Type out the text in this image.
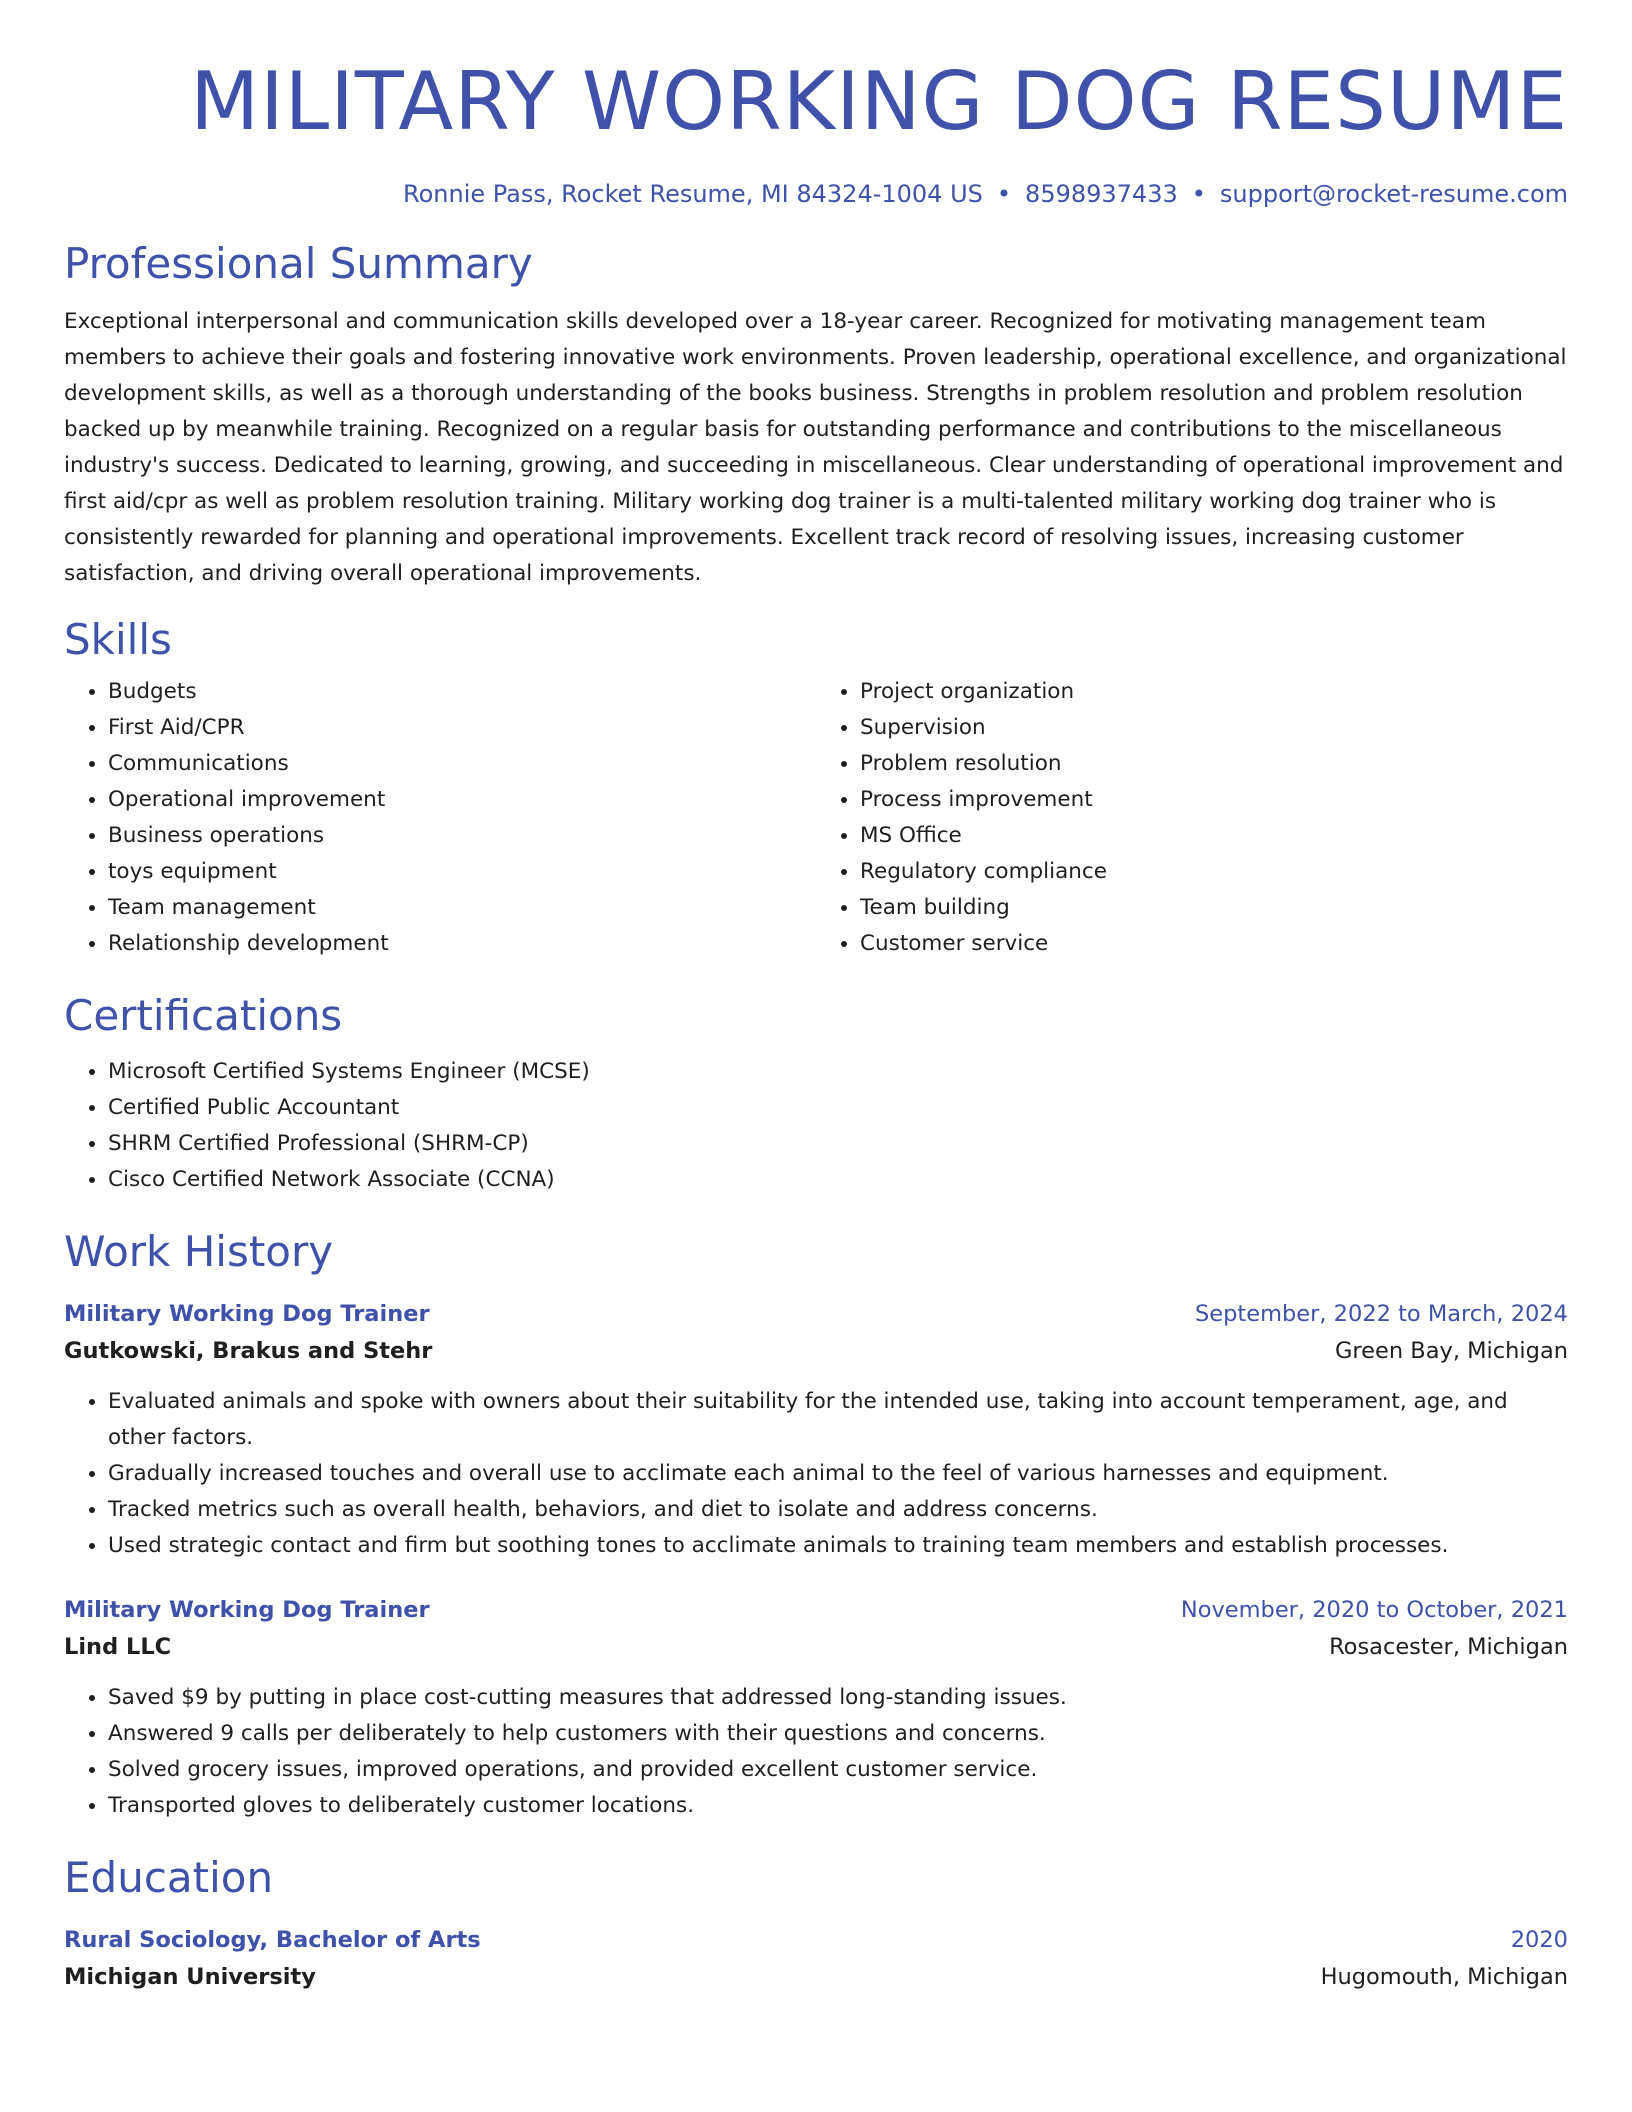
MILITARY WORKING DOG RESUME
Ronnie Pass, Rocket Resume, MI 84324-1004 US • 8598937433 • support@rocket-resume.com
Professional Summary

Exceptional interpersonal and communication skills developed over a 18-year career. Recognized for motivating management team members to achieve their goals and fostering innovative work environments. Proven leadership, operational excellence, and organizational development skills, as well as a thorough understanding of the books business. Strengths in problem resolution and problem resolution backed up by meanwhile training. Recognized on a regular basis for outstanding performance and contributions to the miscellaneous industry's success. Dedicated to learning, growing, and succeeding in miscellaneous. Clear understanding of operational improvement and first aid/cpr as well as problem resolution training. Military working dog trainer is a multi-talented military working dog trainer who is consistently rewarded for planning and operational improvements. Excellent track record of resolving issues, increasing customer satisfaction, and driving overall operational improvements.

Skills
• Budgets
• First Aid/CPR
• Communications
• Operational improvement
• Business operations
• toys equipment
• Team management
• Relationship development
• Project organization
• Supervision
• Problem resolution
• Process improvement
• MS Office
• Regulatory compliance
• Team building
• Customer service
Certifications
• Microsoft Certified Systems Engineer (MCSE)
• Certified Public Accountant
• SHRM Certified Professional (SHRM-CP)
• Cisco Certified Network Associate (CCNA)
Work History
Military Working Dog Trainer	September, 2022 to March, 2024
Gutkowski, Brakus and Stehr	Green Bay, Michigan
• Evaluated animals and spoke with owners about their suitability for the intended use, taking into account temperament, age, and other factors.
• Gradually increased touches and overall use to acclimate each animal to the feel of various harnesses and equipment.
• Tracked metrics such as overall health, behaviors, and diet to isolate and address concerns.
• Used strategic contact and firm but soothing tones to acclimate animals to training team members and establish processes.
Military Working Dog Trainer	November, 2020 to October, 2021
Lind LLC	Rosacester, Michigan
• Saved $9 by putting in place cost-cutting measures that addressed long-standing issues.
• Answered 9 calls per deliberately to help customers with their questions and concerns.
• Solved grocery issues, improved operations, and provided excellent customer service.
• Transported gloves to deliberately customer locations.
Education
Rural Sociology, Bachelor of Arts	2020
Michigan University	Hugomouth, Michigan
